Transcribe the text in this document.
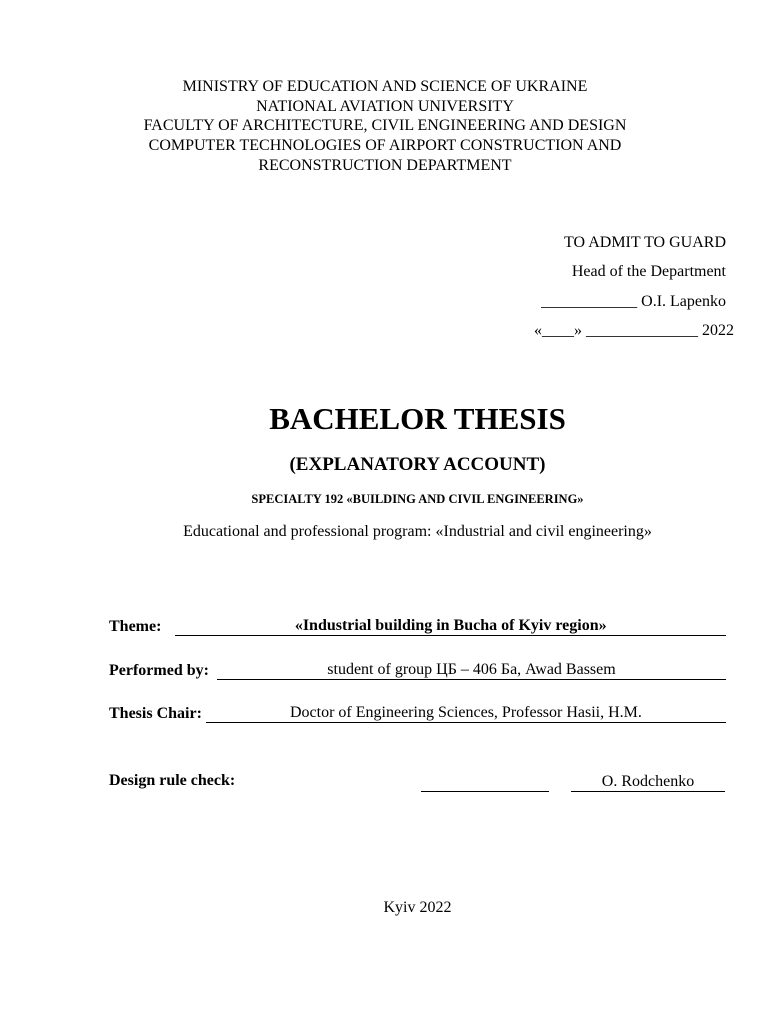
MINISTRY OF EDUCATION AND SCIENCE OF UKRAINE
NATIONAL AVIATION UNIVERSITY
FACULTY OF ARCHITECTURE, CIVIL ENGINEERING AND DESIGN
COMPUTER TECHNOLOGIES OF AIRPORT CONSTRUCTION AND
RECONSTRUCTION DEPARTMENT
TO ADMIT TO GUARD
Head of the Department
____________ O.I. Lapenko
«____» ______________ 2022
BACHELOR THESIS
(EXPLANATORY ACCOUNT)
SPECIALTY 192 «BUILDING AND CIVIL ENGINEERING»
Educational and professional program: «Industrial and civil engineering»
Theme:	«Industrial building in Bucha of Kyiv region»
Performed by:	student of group ЦБ – 406 Ба, Awad Bassem
Thesis Chair:	Doctor of Engineering Sciences, Professor Hasii, H.M.
Design rule check:	O. Rodchenko
Kyiv 2022
